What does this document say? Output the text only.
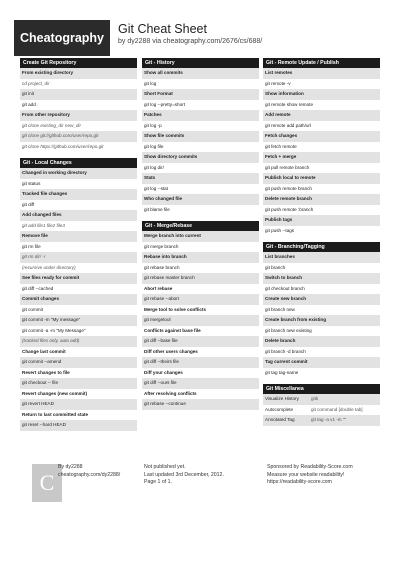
Cheatography
Git Cheat Sheet
by dy2288 via cheatography.com/2676/cs/688/
Create Git Repository
From existing directory
cd project_dir
git init
git add .
From other repository
git clone existing_dir new_dir
git clone git://github.com/user/repo.git
git clone https://github.com/user/repo.git
Git - Local Changes
Changed in working directory
git status
Tracked file changes
git diff
Add changed files
git add file1 file2 file3
Remove file
git rm file
git rm dir/ -r
(recursive under directory)
See files ready for commit
git diff --cached
Commit changes
git commit
git commit -m "My message"
git commit -a -m "My Message"
(tracked files only, auto add)
Change last commit
git commit --amend
Revert changes to file
git checkout -- file
Revert changes (new commit)
git revert HEAD
Return to last committed state
git reset --hard HEAD
Git - History
Show all commits
git log
Short Format
git log --pretty=short
Patches
git log -p
Show file commits
git log file
Show directory commits
git log dir/
Stats
git log --stat
Who changed file
git blame file
Git - Merge/Rebase
Merge branch into current
git merge branch
Rebase into branch
git rebase branch
git rebase master branch
Abort rebase
git rebase --abort
Merge tool to solve conflicts
git mergetool
Conflicts against base file
git diff --base file
Diff other users changes
git diff --theirs file
Diff your changes
git diff --ours file
After resolving conflicts
git rebase --continue
Git - Remote Update / Publish
List remotes
git remote -v
Show information
git remote show remote
Add remote
git remote add path/url
Fetch changes
git fetch remote
Fetch + merge
git pull remote branch
Publish local to remote
git push remote branch
Delete remote branch
git push remote :branch
Publish tags
git push --tags
Git - Branching/Tagging
List branches
git branch
Switch to branch
git checkout branch
Create new branch
git branch new
Create branch from existing
git branch new existing
Delete branch
git branch -d branch
Tag current commit
git tag tag-name
Git Miscellanea
Visualize History	gitk
Autocomplete	git command [double tab]
Annotated Tag	git tag -a v1 -m ""
C
By dy2288
cheatography.com/dy2288/
Not published yet.
Last updated 3rd December, 2012.
Page 1 of 1.
Sponsored by Readability-Score.com
Measure your website readability!
https://readability-score.com
